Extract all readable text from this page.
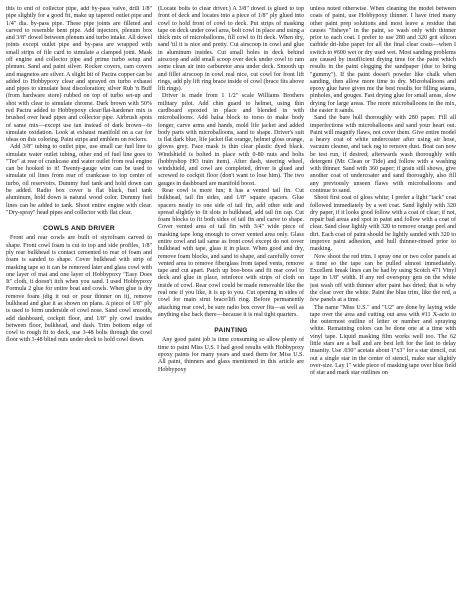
this to end of collector pipe, add by-pass valve, drill 1/8" pipe slightly for a good fit, make up tapered outlet pipe and 1/4" dia. by-pass pipe. These pipe joints are filleted and carved to resemble bent pipe. Add injectors, plenum box and 3/8" dowel between plenum and turbo intake. All dowel joints except outlet pipe and by-pass are wrapped with small strips of file card to simulate a clamped joint. Mask off engine and collector pipe and prime turbo setup and plenum. Sand and paint silver. Rocker covers, cam covers and magnetos are silver. A slight bit of Pactra copper can be added to Hobbypoxy clear and sprayed on turbo exhaust and pipes to simulate heat discoloration; silver Rub 'n Buff (from hardware store) rubbed on top of turbo set-up and shot with clear to simulate chrome. Dark brown with 50% red Pactra added to Hobbypoxy clear/flat-hardener mix is brushed over head pipes and collector pipe. Airbrush spots of same mix—except use tan instead of dark brown—to simulate oxidation. Look at exhaust manifold on a car for ideas on this coloring. Paint strips and emblem on rockers.

Add 3/8" tubing to outlet pipe, use small car fuel line to simulate water outlet tubing, other end of fuel line goes to "Tee" at rear of crankcase and water outlet from real engine can be hooked to it! Twenty-gauge wire can be used to simulate oil lines from rear of crankcase to top center of turbo, oil reservoirs. Dummy fuel tank and hold down can be added. Radio box cover is flat black, fuel tank aluminum, hold down is natural wood color. Dummy fuel lines can be added to tank. Shoot entire engine with clear. "Dry-spray" head pipes and collector with flat clear.

COWLS AND DRIVER

Front and rear cowls are built of styrofoam carved to shape. Front cowl foam is cut to top and side profiles, 1/8" ply rear bulkhead is contact cemented to rear of foam and foam is sanded to shape. Cover bulkhead with strip of masking tape so it can be removed later and glass cowl with one layer of mat and one layer of Hobbypoxy "Easy Does It" cloth, it doesn't itch when you sand. I used Hobbypoxy Formula 2 glue for entire boat and cowls. When glue is dry remove foam (dig it out or pour thinner on it), remove bulkhead and glue it as shown on plans. A piece of 1/8" ply is used to form underside of cowl nose. Sand cowl smooth, add dashboard, cockpit floor, and 1/8" ply cowl insides between floor, bulkhead, and dash. Trim bottom edge of cowl to rough fit to deck, use 3-48 bolts through the cowl floor with 3-48 blind nuts under deck to hold cowl down.

(Locate bolts to clear driver.) A 3/8" dowel is glued to top front of deck and locates into a piece of 1/8" ply glued into cowl to hold front of cowl to deck. Put strips of masking tape on deck under cowl area, bolt cowl in place and using a thick mix of microballoons, fill cowl to fit deck. When dry, sand 'til it is nice and pretty. Cut airscoop in cowl and glue in aluminum insides. Cut small holes in deck behind airscoop and add small scoop over deck under cowl to ram some clean air into carburetor area under deck. Smooth up and fillet airscoop in cowl real nice, cut cowl for front lift rings, add ply lift ring brace inside of cowl (brace fits above lift rings).

Driver is made from 1 1/2" scale Williams Brothers military pilot. Add chin guard to helmet, using thin cardboard epoxied in place and blended in with microballoons. Add balsa block to torso to make body longer, carve arms and hands, mold life jacket and added body parts with microballoons, sand to shape. Driver's suit is flat dark blue, life jacket flat orange, helmet gloss orange, gloves grey. Face mask is thin clear plastic dyed black. Windshield is bolted in place with 0-80 nuts and bolts (hobbyshop HO train item). After dash, steering wheel, windshield, and cowl are completed, driver is glued and screwed to cockpit floor (don't want to lose him). The two gauges in dashboard are manifold boost.

Rear cowl is more fun; it has a vented tail fin. Cut bulkhead, tail fin sides, and 1/8" square spacers. Glue spacers neatly to one side of tail fin, add other side and spread slightly to fit slots in bulkhead, add tail fin cap. Cut foam blocks to fit both sides of tail fin and carve to shape. Cover vented area of tail fin with 3/4" wide piece of masking tape long enough to cover vented area only. Glass entire cowl and tail same as front cowl except do not cover bulkhead with tape, glass it in place. When good and dry, remove foam blocks, and sand to shape, and carefully cover vented area to remove fiberglass from taped vents, remove tape and cut apart. Patch up boo-boos and fit rear cowl to deck and glue in place, reinforce with strips of cloth on inside of cowl. Rear cowl could be made removable like the real one if you like, it is up to you. Cut opening in sides of cowl for main strut brace/lift ring. Before permanently attaching rear cowl, be sure radio box cover fits—as well as anything else back there—because it is real tight quarters.

PAINTING

Any good paint job is time consuming so allow plenty of time to paint Miss U.S. I had good results with Hobbypoxy epoxy paints for many years and used them for Miss U.S. All paint, thinners and glass mentioned in this article are Hobbypoxy

unless noted otherwise. When cleaning the model between coats of paint, use Hobbypoxy thinner. I have tried many other paint prep solutions and most leave a residue that causes "fisheye" in the paint, so wash only with thinner prior to each coat. I prefer to use 280 and 320 grit silicon carbide dri-lube paper for all the final clear coats—when I switch to #600 wet or dry used wet. Most sanding problems are caused by insufficient drying time for the paint which results in the paint clogging the sandpaper (due to being "gummy"). If the paint doesn't powder like chalk when sanding, then allow more time to dry. Microballoons and epoxy glue have given me the best results for filling seams, pinholes, and gouges. Fast drying glue for small areas, slow drying for large areas. The more microballoons in the mix, the easier it sands.

Sand the bare hull thoroughly with 280 paper. Fill all imperfections with microballoons and sand your heart out. Paint will magnify flaws, not cover them. Give entire model a heavy coat of white undercoater after using air hose, vacuum cleaner, and tack rag to remove dust. Boat can now be test run, if desired; afterwards wash thoroughly with detergent (Mr. Clean or Tide) and follow with a washing with thinner. Sand with 360 paper; if grain still shows, give another coat of undercoater and sand thoroughly, also fill any previously unseen flaws with microballoons and continue to sand.

Shoot first coat of gloss white; I prefer a light "tack" coat followed immediately by a wet coat. Sand lightly with 320 dry paper, if it looks good follow with a coat of clear; if not, repair bad areas and spot in paint and follow with a coat of clear. Sand clear lightly with 320 to remove orange peel and dirt. Each coat of paint should be lightly sanded with 320 to improve paint adhesion, and hull thinner-rinsed prior to masking.

Now shoot the red trim. I spray one or two color panels at a time so the tape can be pulled almost immediately. Excellent break lines can be had by using Scotch 471 Vinyl tape in 1/8" width. If any red overspray gets on the white just wash off with thinner after paint has dried; that is why the clear over the white. Paint the blue trim, like the red, a few panels at a time.

The name "Miss U.S." and "U2" are done by laying wide tape over the area and cutting out area with #11 X-acto to the outermost outline of letter or number and spraying white. Remaining colors can be done one at a time with vinyl tape. Liquid masking film works well too. The 62 little stars are a ball and are best left for the last to delay insanity. Use .030" acetate about 1"x3" for a star stencil, cut out a single star in the center of stencil, make star slightly over-size. Lay 1" wide piece of masking tape over blue field of star and mark star outlines on
